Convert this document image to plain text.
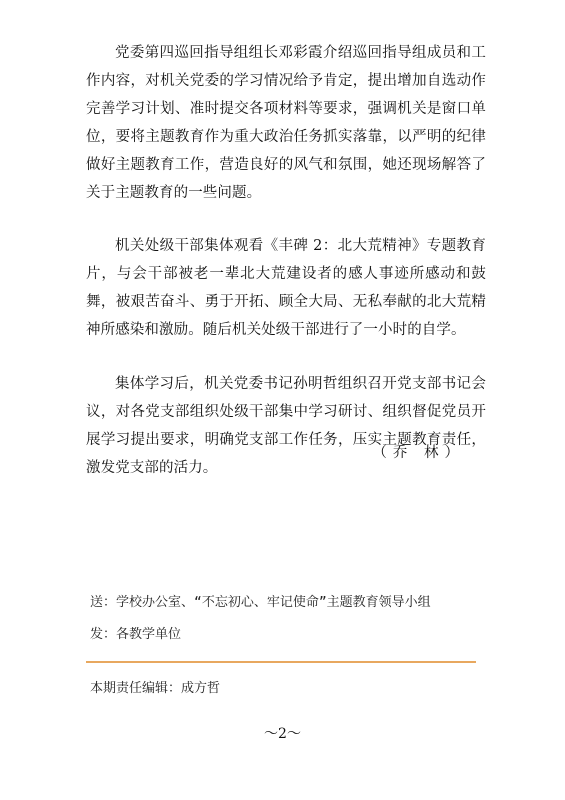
党委第四巡回指导组组长邓彩霞介绍巡回指导组成员和工作内容，对机关党委的学习情况给予肯定，提出增加自选动作完善学习计划、准时提交各项材料等要求，强调机关是窗口单位，要将主题教育作为重大政治任务抓实落靠，以严明的纪律做好主题教育工作，营造良好的风气和氛围，她还现场解答了关于主题教育的一些问题。

机关处级干部集体观看《丰碑 2：北大荒精神》专题教育片，与会干部被老一辈北大荒建设者的感人事迹所感动和鼓舞，被艰苦奋斗、勇于开拓、顾全大局、无私奉献的北大荒精神所感染和激励。随后机关处级干部进行了一小时的自学。

集体学习后，机关党委书记孙明哲组织召开党支部书记会议，对各党支部组织处级干部集中学习研讨、组织督促党员开展学习提出要求，明确党支部工作任务，压实主题教育责任，激发党支部的活力。

（乔 林）
送：学校办公室、“不忘初心、牢记使命”主题教育领导小组
发：各教学单位
本期责任编辑：成方哲
～2～
